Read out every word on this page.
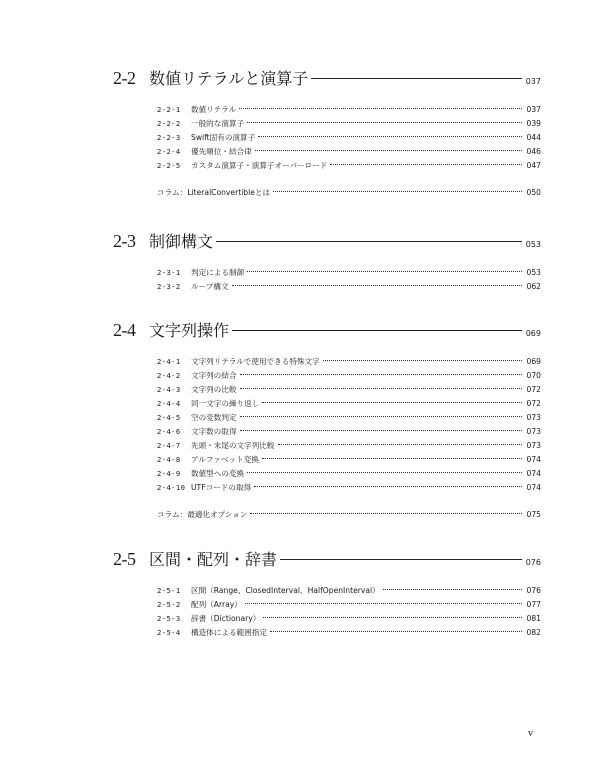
2-2 数値リテラルと演算子	037
2-2-1	数値リテラル	037
2-2-2	一般的な演算子	039
2-2-3	Swift固有の演算子	044
2-2-4	優先順位・結合律	046
2-2-5	カスタム演算子・演算子オーバーロード	047
コラム：LiteralConvertibleとは	050
2-3 制御構文	053
2-3-1	判定による制御	053
2-3-2	ループ構文	062
2-4 文字列操作	069
2-4-1	文字列リテラルで使用できる特殊文字	069
2-4-2	文字列の結合	070
2-4-3	文字列の比較	072
2-4-4	同一文字の繰り返し	072
2-4-5	空の変数判定	073
2-4-6	文字数の取得	073
2-4-7	先頭・末尾の文字列比較	073
2-4-8	アルファベット変換	074
2-4-9	数値型への変換	074
2-4-10 UTFコードの取得	074
コラム：最適化オプション	075
2-5 区間・配列・辞書	076
2-5-1	区間（Range、ClosedInterval、HalfOpenInterval）	076
2-5-2	配列（Array）	077
2-5-3	辞書（Dictionary）	081
2-5-4	構造体による範囲指定	082
v
